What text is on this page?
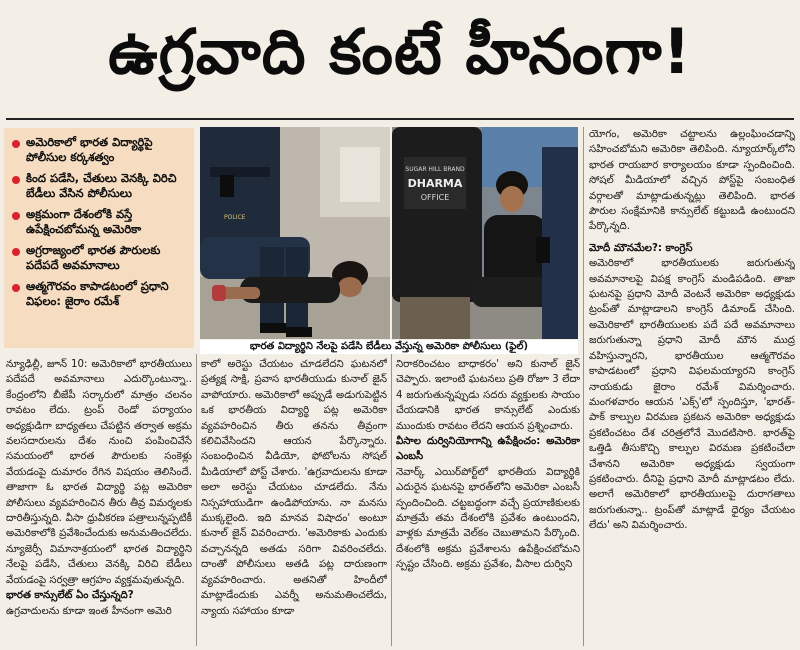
ఉగ్రవాది కంటే హీనంగా!
అమెరికాలో భారత విద్యార్థిపై పోలీసుల కర్కశత్వం
కింద పడేసి, చేతులు వెనక్కి విరిచి బేడీలు వేసిన పోలీసులు
అక్రమంగా దేశంలోకి వస్తే ఉపేక్షించబోమన్న అమెరికా
అగ్రరాజ్యంలో భారత పౌరులకు పదేపదే అవమానాలు
ఆత్మగౌరవం కాపాడటంలో ప్రధాని విఫలం: జైరాం రమేశ్
POLICE
SUGAR HILL BRAND
DHARMA
OFFICE
భారత విద్యార్థిని నేలపై పడేసి బేడీలు వేస్తున్న అమెరికా పోలీసులు (ఫైల్)

న్యూఢిల్లీ, జూన్ 10: అమెరికాలో భారతీయులు పదేపదే అవమానాలు ఎదుర్కొంటున్నా.. కేంద్రంలోని బీజేపీ సర్కారులో మాత్రం చలనం రావటం లేదు. ట్రంప్ రెండో పర్యాయం అధ్యక్షుడిగా బాధ్యతలు చేపట్టిన తర్వాత అక్రమ వలసదారులను దేశం నుంచి పంపించివేసే సమయంలో భారత పౌరులకు సంకెళ్లు వేయడంపై దుమారం రేగిన విషయం తెలిసిందే. తాజాగా ఓ భారత విద్యార్థి పట్ల అమెరికా పోలీసులు వ్యవహరించిన తీరు తీవ్ర విమర్శలకు దారితీస్తున్నది. వీసా ధ్రువీకరణ పత్రాలున్నప్పటికీ అమెరికాలోకి ప్రవేశించేందుకు అనుమతించలేదు. న్యూజెర్సీ విమానాశ్రయంలో భారత విద్యార్థిని నేలపై పడేసి, చేతులు వెనక్కి విరిచి బేడీలు వేయడంపై సర్వత్రా ఆగ్రహం వ్యక్తమవుతున్నది.

భారత కాన్సులేట్ ఏం చేస్తున్నది?

ఉగ్రవాదులను కూడా ఇంత హీనంగా అమెరి

కాలో అరెస్టు చేయటం చూడలేదని ఘటనలో ప్రత్యక్ష సాక్షి, ప్రవాస భారతీయుడు కునాల్ జైన్ వాపోయారు. అమెరికాలో అప్పుడే అడుగుపెట్టిన ఒక భారతీయ విద్యార్థి పట్ల అమెరికా వ్యవహరించిన తీరు తనను తీవ్రంగా కలిచివేసిందని ఆయన పేర్కొన్నారు. సంబంధించిన వీడియో, ఫోటోలను సోషల్ మీడియాలో పోస్ట్ చేశారు. 'ఉగ్రవాదులను కూడా అలా అరెస్టు చేయటం చూడలేదు. నేను నిస్సహాయుడిగా ఉండిపోయాను. నా మనసు ముక్కలైంది. ఇది మానవ విషాదం' అంటూ కునాల్ జైన్ వివరించారు. 'అమెరికాకు ఎందుకు వచ్చానన్నది అతడు సరిగా వివరించలేదు. దాంతో పోలీసులు అతడి పట్ల దారుణంగా వ్యవహరించారు. అతనితో హిందీలో మాట్లాడేందుకు ఎవర్నీ అనుమతించలేదు, న్యాయ సహాయం కూడా

నిరాకరించటం బాధాకరం' అని కునాల్ జైన్ చెప్పారు. ఇలాంటి ఘటనలు ప్రతి రోజూ 3 లేదా 4 జరుగుతున్నప్పుడు సదరు వ్యక్తులకు సాయం చేయడానికి భారత కాన్సులేట్ ఎందుకు ముందుకు రావటం లేదని ఆయన ప్రశ్నించారు.

వీసాల దుర్వినియోగాన్ని ఉపేక్షించం: అమెరికా ఎంబసీ

నెవార్క్ ఎయిర్‌పోర్ట్‌లో భారతీయ విద్యార్థికి ఎదురైన ఘటనపై భారత్‌లోని అమెరికా ఎంబసీ స్పందించింది. చట్టబద్ధంగా వచ్చే ప్రయాణికులకు మాత్రమే తమ దేశంలోకి ప్రవేశం ఉంటుందని, వాళ్లకు మాత్రమే వెల్‌కం చెబుతామని పేర్కొంది. దేశంలోకి అక్రమ ప్రవేశాలను ఉపేక్షించబోమని స్పష్టం చేసింది. అక్రమ ప్రవేశం, వీసాల దుర్విని

యోగం, అమెరికా చట్టాలను ఉల్లంఘించడాన్ని సహించబోమని అమెరికా తెలిపింది. న్యూయార్క్‌లోని భారత రాయబార కార్యాలయం కూడా స్పందించింది. సోషల్ మీడియాలో వచ్చిన పోస్ట్‌పై సంబంధిత వర్గాలతో మాట్లాడుతున్నట్లు తెలిపింది. భారత పౌరుల సంక్షేమానికి కాన్సులేట్ కట్టుబడి ఉంటుందని పేర్కొన్నది.

మోదీ మౌనమేల?: కాంగ్రెస్

అమెరికాలో భారతీయులకు జరుగుతున్న అవమానాలపై విపక్ష కాంగ్రెస్ మండిపడింది. తాజా ఘటనపై ప్రధాని మోదీ వెంటనే అమెరికా అధ్యక్షుడు ట్రంప్‌తో మాట్లాడాలని కాంగ్రెస్ డిమాండ్ చేసింది. అమెరికాలో భారతీయులకు పదే పదే అవమానాలు జరుగుతున్నా ప్రధాని మోదీ మౌన ముద్ర వహిస్తున్నారని, భారతీయుల ఆత్మగౌరవం కాపాడటంలో ప్రధాని విఫలమయ్యారని కాంగ్రెస్ నాయకుడు జైరాం రమేశ్ విమర్శించారు. మంగళవారం ఆయన 'ఎక్స్'లో స్పందిస్తూ, 'భారత్-పాక్ కాల్పుల విరమణ ప్రకటన అమెరికా అధ్యక్షుడు ప్రకటించటం దేశ చరిత్రలోనే మొదటిసారి. భారత్‌పై ఒత్తిడి తీసుకొచ్చి కాల్పుల విరమణ ప్రకటించేలా చేశానని అమెరికా అధ్యక్షుడు స్వయంగా ప్రకటించారు. దీనిపై ప్రధాని మోదీ మాట్లాడటం లేదు. అలాగే అమెరికాలో భారతీయులపై దురాగతాలు జరుగుతున్నా.. ట్రంప్‌తో మాట్లాడే ధైర్యం చేయటం లేదు' అని విమర్శించారు.
